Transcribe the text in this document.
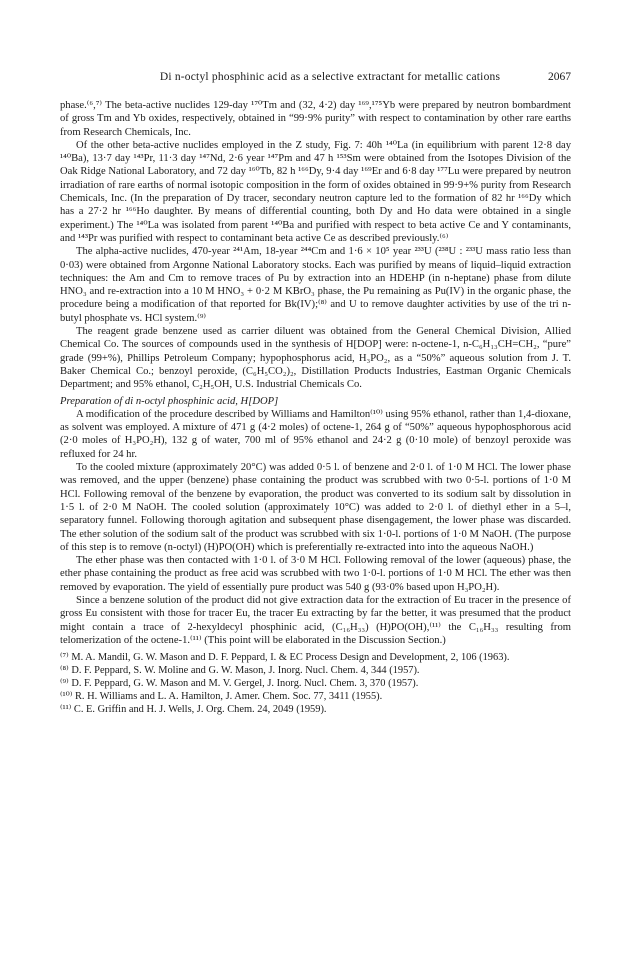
Di n-octyl phosphinic acid as a selective extractant for metallic cations	2067

phase.⁽⁶,⁷⁾ The beta-active nuclides 129-day ¹⁷⁰Tm and (32, 4·2) day ¹⁶⁹,¹⁷⁵Yb were prepared by neutron bombardment of gross Tm and Yb oxides, respectively, obtained in “99·9% purity” with respect to contamination by other rare earths from Research Chemicals, Inc.

Of the other beta-active nuclides employed in the Z study, Fig. 7: 40h ¹⁴⁰La (in equilibrium with parent 12·8 day ¹⁴⁰Ba), 13·7 day ¹⁴³Pr, 11·3 day ¹⁴⁷Nd, 2·6 year ¹⁴⁷Pm and 47 h ¹⁵³Sm were obtained from the Isotopes Division of the Oak Ridge National Laboratory, and 72 day ¹⁶⁰Tb, 82 h ¹⁶⁶Dy, 9·4 day ¹⁶⁹Er and 6·8 day ¹⁷⁷Lu were prepared by neutron irradiation of rare earths of normal isotopic composition in the form of oxides obtained in 99·9+% purity from Research Chemicals, Inc. (In the preparation of Dy tracer, secondary neutron capture led to the formation of 82 hr ¹⁶⁶Dy which has a 27·2 hr ¹⁶⁶Ho daughter. By means of differential counting, both Dy and Ho data were obtained in a single experiment.) The ¹⁴⁰La was isolated from parent ¹⁴⁰Ba and purified with respect to beta active Ce and Y contaminants, and ¹⁴³Pr was purified with respect to contaminant beta active Ce as described previously.⁽⁶⁾

The alpha-active nuclides, 470-year ²⁴¹Am, 18-year ²⁴⁴Cm and 1·6 × 10⁵ year ²³³U (²³⁸U : ²³³U mass ratio less than 0·03) were obtained from Argonne National Laboratory stocks. Each was purified by means of liquid–liquid extraction techniques: the Am and Cm to remove traces of Pu by extraction into an HDEHP (in n-heptane) phase from dilute HNO₃ and re-extraction into a 10 M HNO₃ + 0·2 M KBrO₃ phase, the Pu remaining as Pu(IV) in the organic phase, the procedure being a modification of that reported for Bk(IV);⁽⁸⁾ and U to remove daughter activities by use of the tri n-butyl phosphate vs. HCl system.⁽⁹⁾

The reagent grade benzene used as carrier diluent was obtained from the General Chemical Division, Allied Chemical Co. The sources of compounds used in the synthesis of H[DOP] were: n-octene-1, n-C₆H₁₃CH=CH₂, “pure” grade (99+%), Phillips Petroleum Company; hypophosphorus acid, H₃PO₂, as a “50%” aqueous solution from J. T. Baker Chemical Co.; benzoyl peroxide, (C₆H₅CO₂)₂, Distillation Products Industries, Eastman Organic Chemicals Department; and 95% ethanol, C₂H₅OH, U.S. Industrial Chemicals Co.

Preparation of di n-octyl phosphinic acid, H[DOP]

A modification of the procedure described by Williams and Hamilton⁽¹⁰⁾ using 95% ethanol, rather than 1,4-dioxane, as solvent was employed. A mixture of 471 g (4·2 moles) of octene-1, 264 g of “50%” aqueous hypophosphorous acid (2·0 moles of H₃PO₂H), 132 g of water, 700 ml of 95% ethanol and 24·2 g (0·10 mole) of benzoyl peroxide was refluxed for 24 hr.

To the cooled mixture (approximately 20°C) was added 0·5 l. of benzene and 2·0 l. of 1·0 M HCl. The lower phase was removed, and the upper (benzene) phase containing the product was scrubbed with two 0·5-l. portions of 1·0 M HCl. Following removal of the benzene by evaporation, the product was converted to its sodium salt by dissolution in 1·5 l. of 2·0 M NaOH. The cooled solution (approximately 10°C) was added to 2·0 l. of diethyl ether in a 5–l, separatory funnel. Following thorough agitation and subsequent phase disengagement, the lower phase was discarded. The ether solution of the sodium salt of the product was scrubbed with six 1·0-l. portions of 1·0 M NaOH. (The purpose of this step is to remove (n-octyl) (H)PO(OH) which is preferentially re-extracted into into the aqueous NaOH.)

The ether phase was then contacted with 1·0 l. of 3·0 M HCl. Following removal of the lower (aqueous) phase, the ether phase containing the product as free acid was scrubbed with two 1·0-l. portions of 1·0 M HCl. The ether was then removed by evaporation. The yield of essentially pure product was 540 g (93·0% based upon H₃PO₂H).

Since a benzene solution of the product did not give extraction data for the extraction of Eu tracer in the presence of gross Eu consistent with those for tracer Eu, the tracer Eu extracting by far the better, it was presumed that the product might contain a trace of 2-hexyldecyl phosphinic acid, (C₁₆H₃₃) (H)PO(OH),⁽¹¹⁾ the C₁₆H₃₃ resulting from telomerization of the octene-1.⁽¹¹⁾ (This point will be elaborated in the Discussion Section.)

⁽⁷⁾ M. A. Mandil, G. W. Mason and D. F. Peppard, I. & EC Process Design and Development, 2, 106 (1963).

⁽⁸⁾ D. F. Peppard, S. W. Moline and G. W. Mason, J. Inorg. Nucl. Chem. 4, 344 (1957).

⁽⁹⁾ D. F. Peppard, G. W. Mason and M. V. Gergel, J. Inorg. Nucl. Chem. 3, 370 (1957).

⁽¹⁰⁾ R. H. Williams and L. A. Hamilton, J. Amer. Chem. Soc. 77, 3411 (1955).

⁽¹¹⁾ C. E. Griffin and H. J. Wells, J. Org. Chem. 24, 2049 (1959).
